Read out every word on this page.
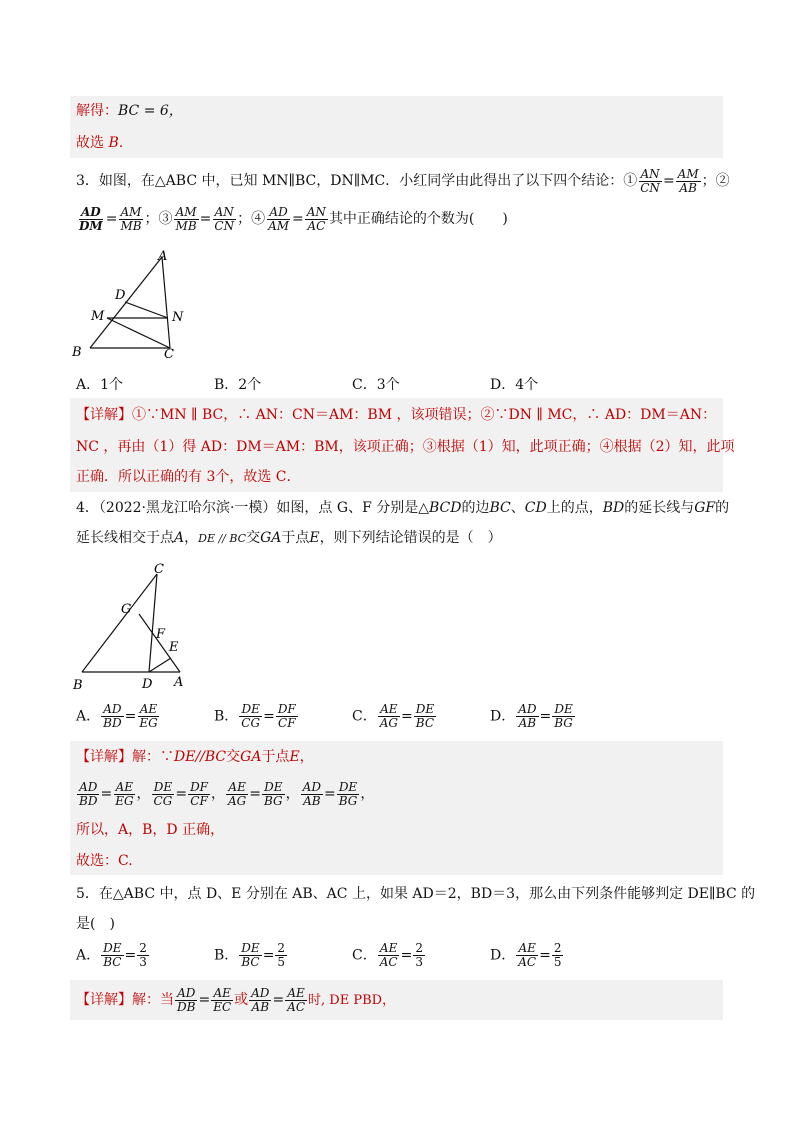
解得：BC = 6，
故选 B.
3．如图，在△ABC 中，已知 MN∥BC，DN∥MC．小红同学由此得出了以下四个结论：① $\frac{AN}{CN} = \frac{AM}{AB}$ ；②
$\frac{AD}{DM} = \frac{AM}{MB}$ ；③ $\frac{AM}{MB} = \frac{AN}{CN}$ ；④ $\frac{AD}{AM} = \frac{AN}{AC}$ 其中正确结论的个数为(　　)
A
B	C
D
M	N
A．1个	B．2个	C．3个	D．4个
【详解】①∵MN ∥ BC，∴ AN：CN＝AM：BM ，该项错误；②∵DN ∥ MC，∴ AD：DM＝AN：
NC ，再由（1）得 AD：DM＝AM：BM，该项正确；③根据（1）知，此项正确；④根据（2）知，此项
正确．所以正确的有 3个，故选 C．
4．（2022·黑龙江哈尔滨·一模）如图，点 G、F 分别是△BCD的边BC、CD上的点，BD的延长线与GF的
延长线相交于点A，DE // BC交GA于点E，则下列结论错误的是（　）
C
G
F
E
B	D A
A． $\frac{AD}{BD} = \frac{AE}{EG}$	B． $\frac{DE}{CG} = \frac{DF}{CF}$	C． $\frac{AE}{AG} = \frac{DE}{BC}$	D． $\frac{AD}{AB} = \frac{DE}{BG}$
【详解】解：∵DE//BC交GA于点E，
$\frac{AD}{BD} = \frac{AE}{EG}$ ， $\frac{DE}{CG} = \frac{DF}{CF}$ ， $\frac{AE}{AG} = \frac{DE}{BG}$ ， $\frac{AD}{AB} = \frac{DE}{BG}$ ，
所以，A，B，D 正确，
故选：C.
5．在△ABC 中，点 D、E 分别在 AB、AC 上，如果 AD＝2，BD＝3，那么由下列条件能够判定 DE∥BC 的
是(　)
A． $\frac{DE}{BC} = \frac{2}{3}$	B． $\frac{DE}{BC} = \frac{2}{5}$	C． $\frac{AE}{AC} = \frac{2}{3}$	D． $\frac{AE}{AC} = \frac{2}{5}$
【详解】解：当 $\frac{AD}{DB} = \frac{AE}{EC}$ 或 $\frac{AD}{AB} = \frac{AE}{AC}$ 时, DE PBD，
